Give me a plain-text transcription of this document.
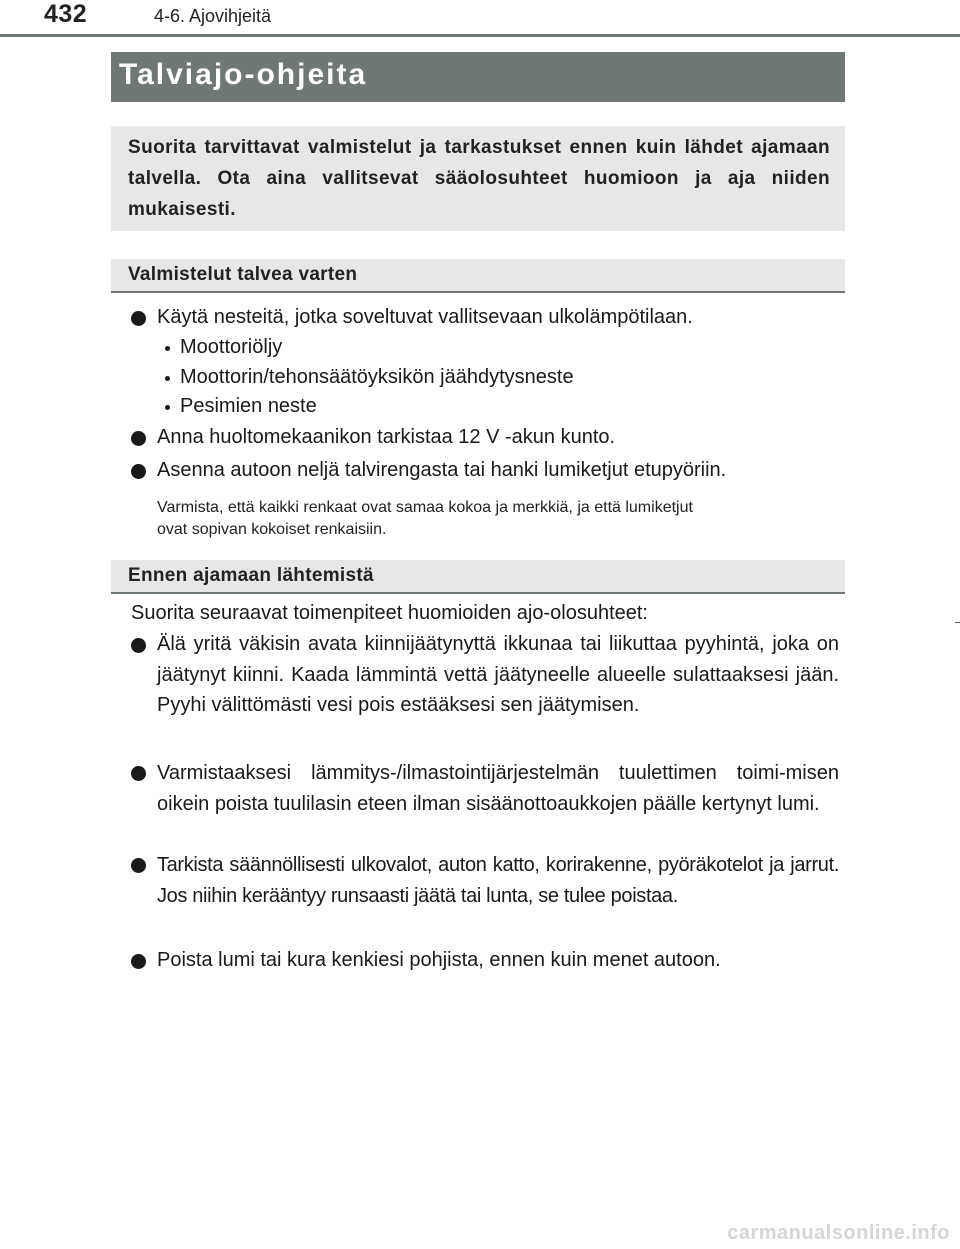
432	4-6. Ajovihjeitä
Talviajo-ohjeita

Suorita tarvittavat valmistelut ja tarkastukset ennen kuin lähdet ajamaan talvella. Ota aina vallitsevat sääolosuhteet huomioon ja aja niiden mukaisesti.

Valmistelut talvea varten
Käytä nesteitä, jotka soveltuvat vallitsevaan ulkolämpötilaan.
Moottoriöljy
Moottorin/tehonsäätöyksikön jäähdytysneste
Pesimien neste
Anna huoltomekaanikon tarkistaa 12 V -akun kunto.
Asenna autoon neljä talvirengasta tai hanki lumiketjut etupyöriin.
Varmista, että kaikki renkaat ovat samaa kokoa ja merkkiä, ja että lumiketjut
ovat sopivan kokoiset renkaisiin.
Ennen ajamaan lähtemistä
Suorita seuraavat toimenpiteet huomioiden ajo-olosuhteet:
Älä yritä väkisin avata kiinnijäätynyttä ikkunaa tai liikuttaa pyyhintä, joka on jäätynyt kiinni. Kaada lämmintä vettä jäätyneelle alueelle sulattaaksesi jään. Pyyhi välittömästi vesi pois estääksesi sen jäätymisen.
Varmistaaksesi lämmitys-/ilmastointijärjestelmän tuulettimen toimi-misen oikein poista tuulilasin eteen ilman sisäänottoaukkojen päälle kertynyt lumi.
Tarkista säännöllisesti ulkovalot, auton katto, korirakenne, pyöräkotelot ja jarrut. Jos niihin kerääntyy runsaasti jäätä tai lunta, se tulee poistaa.
Poista lumi tai kura kenkiesi pohjista, ennen kuin menet autoon.
carmanualsonline.info
